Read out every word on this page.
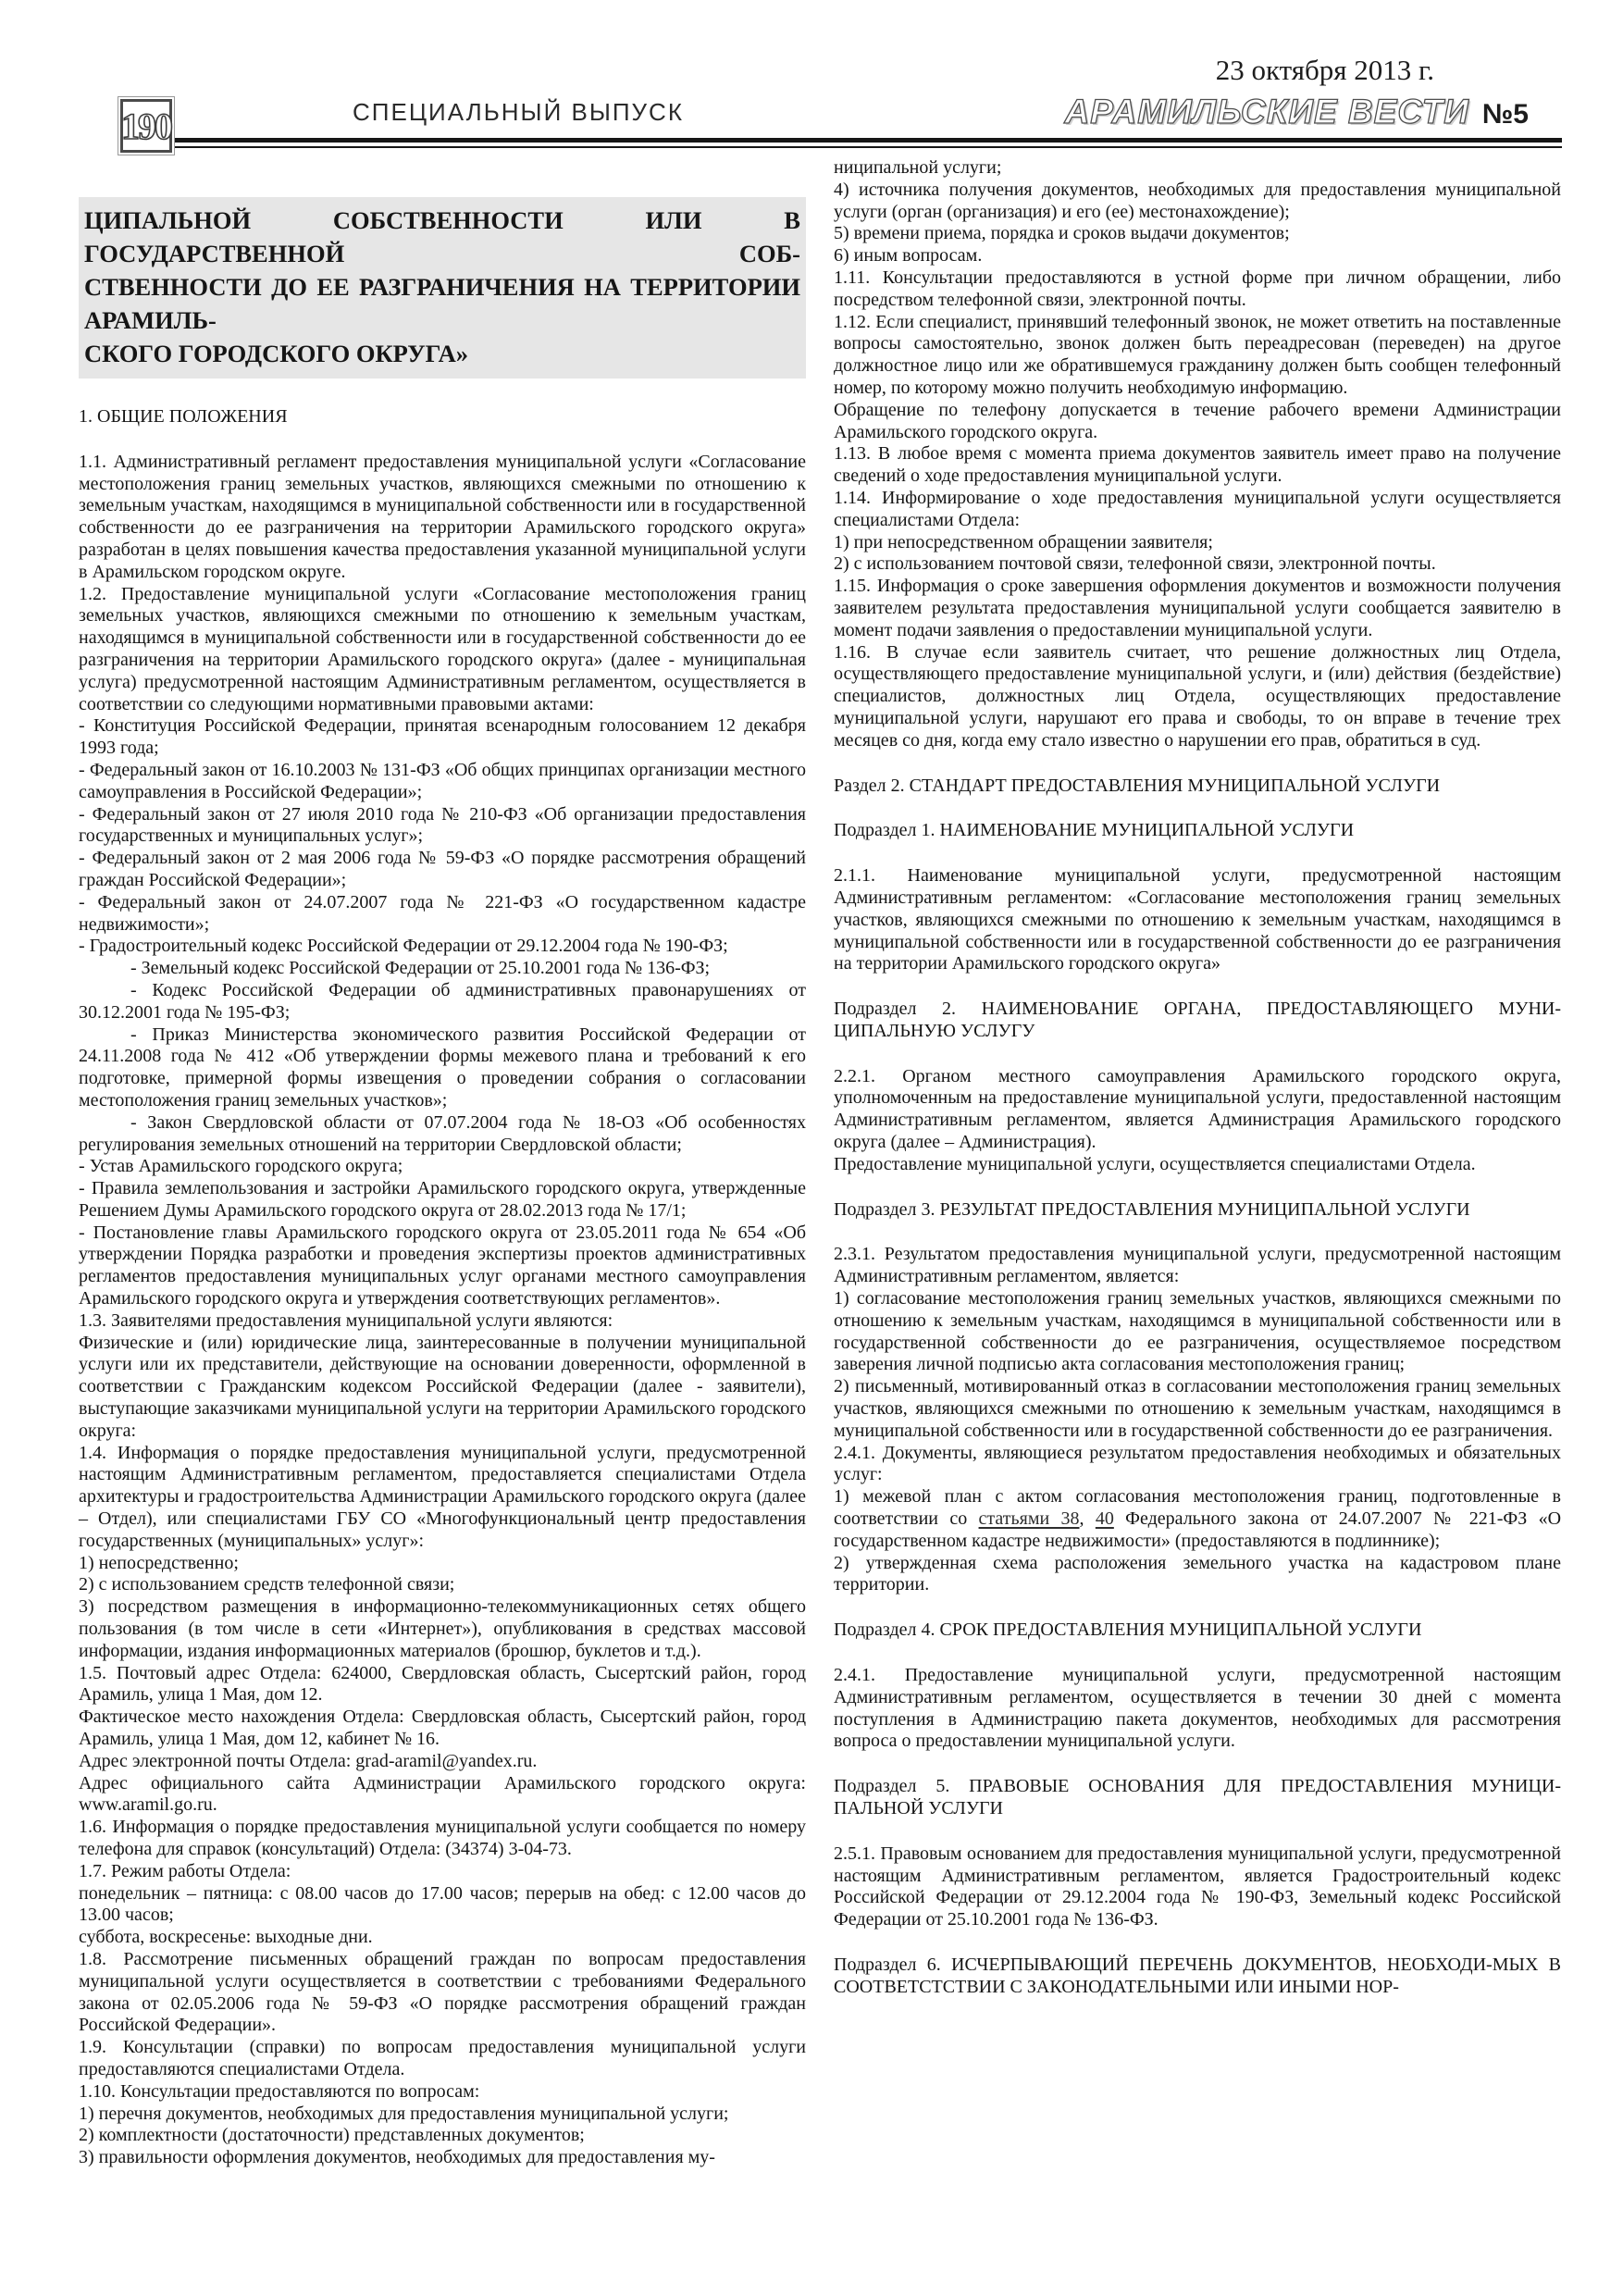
190	СПЕЦИАЛЬНЫЙ ВЫПУСК
23 октября 2013 г.
АРАМИЛЬСКИЕ ВЕСТИ №5
ЦИПАЛЬНОЙ СОБСТВЕННОСТИ ИЛИ В ГОСУДАРСТВЕННОЙ СОБ-
СТВЕННОСТИ ДО ЕЕ РАЗГРАНИЧЕНИЯ НА ТЕРРИТОРИИ АРАМИЛЬ-
СКОГО ГОРОДСКОГО ОКРУГА»

1. ОБЩИЕ ПОЛОЖЕНИЯ

1.1. Административный регламент предоставления муниципальной услуги «Согласование местоположения границ земельных участков, являющихся смежными по отношению к земельным участкам, находящимся в муниципальной собственности или в государственной собственности до ее разграничения на территории Арамильского городского округа» разработан в целях повышения качества предоставления указанной муниципальной услуги в Арамильском городском округе.

1.2. Предоставление муниципальной услуги «Согласование местоположения границ земельных участков, являющихся смежными по отношению к земельным участкам, находящимся в муниципальной собственности или в государственной собственности до ее разграничения на территории Арамильского городского округа» (далее - муниципальная услуга) предусмотренной настоящим Административным регламентом, осуществляется в соответствии со следующими нормативными правовыми актами:

- Конституция Российской Федерации, принятая всенародным голосованием 12 декабря 1993 года;

- Федеральный закон от 16.10.2003 № 131-ФЗ «Об общих принципах организации местного самоуправления в Российской Федерации»;

- Федеральный закон от 27 июля 2010 года № 210-ФЗ «Об организации предоставления государственных и муниципальных услуг»;

- Федеральный закон от 2 мая 2006 года № 59-ФЗ «О порядке рассмотрения обращений граждан Российской Федерации»;

- Федеральный закон от 24.07.2007 года № 221-ФЗ «О государственном кадастре недвижимости»;

- Градостроительный кодекс Российской Федерации от 29.12.2004 года № 190-ФЗ;

- Земельный кодекс Российской Федерации от 25.10.2001 года № 136-ФЗ;

- Кодекс Российской Федерации об административных правонарушениях от 30.12.2001 года № 195-ФЗ;

- Приказ Министерства экономического развития Российской Федерации от 24.11.2008 года № 412 «Об утверждении формы межевого плана и требований к его подготовке, примерной формы извещения о проведении собрания о согласовании местоположения границ земельных участков»;

- Закон Свердловской области от 07.07.2004 года № 18-ОЗ «Об особенностях регулирования земельных отношений на территории Свердловской области;

- Устав Арамильского городского округа;

- Правила землепользования и застройки Арамильского городского округа, утвержденные Решением Думы Арамильского городского округа от 28.02.2013 года № 17/1;

- Постановление главы Арамильского городского округа от 23.05.2011 года № 654 «Об утверждении Порядка разработки и проведения экспертизы проектов административных регламентов предоставления муниципальных услуг органами местного самоуправления Арамильского городского округа и утверждения соответствующих регламентов».

1.3. Заявителями предоставления муниципальной услуги являются:

Физические и (или) юридические лица, заинтересованные в получении муниципальной услуги или их представители, действующие на основании доверенности, оформленной в соответствии с Гражданским кодексом Российской Федерации (далее - заявители), выступающие заказчиками муниципальной услуги на территории Арамильского городского округа:

1.4. Информация о порядке предоставления муниципальной услуги, предусмотренной настоящим Административным регламентом, предоставляется специалистами Отдела архитектуры и градостроительства Администрации Арамильского городского округа (далее – Отдел), или специалистами ГБУ СО «Многофункциональный центр предоставления государственных (муниципальных» услуг»:

1) непосредственно;

2) с использованием средств телефонной связи;

3) посредством размещения в информационно-телекоммуникационных сетях общего пользования (в том числе в сети «Интернет»), опубликования в средствах массовой информации, издания информационных материалов (брошюр, буклетов и т.д.).

1.5. Почтовый адрес Отдела: 624000, Свердловская область, Сысертский район, город Арамиль, улица 1 Мая, дом 12.

Фактическое место нахождения Отдела: Свердловская область, Сысертский район, город Арамиль, улица 1 Мая, дом 12, кабинет № 16.

Адрес электронной почты Отдела: grad-aramil@yandex.ru.

Адрес официального сайта Администрации Арамильского городского округа: www.aramil.go.ru.

1.6. Информация о порядке предоставления муниципальной услуги сообщается по номеру телефона для справок (консультаций) Отдела: (34374) 3-04-73.

1.7. Режим работы Отдела:

понедельник – пятница: с 08.00 часов до 17.00 часов; перерыв на обед: с 12.00 часов до 13.00 часов;

суббота, воскресенье: выходные дни.

1.8. Рассмотрение письменных обращений граждан по вопросам предоставления муниципальной услуги осуществляется в соответствии с требованиями Федерального закона от 02.05.2006 года № 59-ФЗ «О порядке рассмотрения обращений граждан Российской Федерации».

1.9. Консультации (справки) по вопросам предоставления муниципальной услуги предоставляются специалистами Отдела.

1.10. Консультации предоставляются по вопросам:

1) перечня документов, необходимых для предоставления муниципальной услуги;

2) комплектности (достаточности) представленных документов;

3) правильности оформления документов, необходимых для предоставления му-

ниципальной услуги;

4) источника получения документов, необходимых для предоставления муниципальной услуги (орган (организация) и его (ее) местонахождение);

5) времени приема, порядка и сроков выдачи документов;

6) иным вопросам.

1.11. Консультации предоставляются в устной форме при личном обращении, либо посредством телефонной связи, электронной почты.

1.12. Если специалист, принявший телефонный звонок, не может ответить на поставленные вопросы самостоятельно, звонок должен быть переадресован (переведен) на другое должностное лицо или же обратившемуся гражданину должен быть сообщен телефонный номер, по которому можно получить необходимую информацию.

Обращение по телефону допускается в течение рабочего времени Администрации Арамильского городского округа.

1.13. В любое время с момента приема документов заявитель имеет право на получение сведений о ходе предоставления муниципальной услуги.

1.14. Информирование о ходе предоставления муниципальной услуги осуществляется специалистами Отдела:

1) при непосредственном обращении заявителя;

2) с использованием почтовой связи, телефонной связи, электронной почты.

1.15. Информация о сроке завершения оформления документов и возможности получения заявителем результата предоставления муниципальной услуги сообщается заявителю в момент подачи заявления о предоставлении муниципальной услуги.

1.16. В случае если заявитель считает, что решение должностных лиц Отдела, осуществляющего предоставление муниципальной услуги, и (или) действия (бездействие) специалистов, должностных лиц Отдела, осуществляющих предоставление муниципальной услуги, нарушают его права и свободы, то он вправе в течение трех месяцев со дня, когда ему стало известно о нарушении его прав, обратиться в суд.

Раздел 2. СТАНДАРТ ПРЕДОСТАВЛЕНИЯ МУНИЦИПАЛЬНОЙ УСЛУГИ

Подраздел 1. НАИМЕНОВАНИЕ МУНИЦИПАЛЬНОЙ УСЛУГИ

2.1.1. Наименование муниципальной услуги, предусмотренной настоящим Административным регламентом: «Согласование местоположения границ земельных участков, являющихся смежными по отношению к земельным участкам, находящимся в муниципальной собственности или в государственной собственности до ее разграничения на территории Арамильского городского округа»

Подраздел 2. НАИМЕНОВАНИЕ ОРГАНА, ПРЕДОСТАВЛЯЮЩЕГО МУНИ-ЦИПАЛЬНУЮ УСЛУГУ

2.2.1. Органом местного самоуправления Арамильского городского округа, уполномоченным на предоставление муниципальной услуги, предоставленной настоящим Административным регламентом, является Администрация Арамильского городского округа (далее – Администрация).

Предоставление муниципальной услуги, осуществляется специалистами Отдела.

Подраздел 3. РЕЗУЛЬТАТ ПРЕДОСТАВЛЕНИЯ МУНИЦИПАЛЬНОЙ УСЛУГИ

2.3.1. Результатом предоставления муниципальной услуги, предусмотренной настоящим Административным регламентом, является:

1) согласование местоположения границ земельных участков, являющихся смежными по отношению к земельным участкам, находящимся в муниципальной собственности или в государственной собственности до ее разграничения, осуществляемое посредством заверения личной подписью акта согласования местоположения границ;

2) письменный, мотивированный отказ в согласовании местоположения границ земельных участков, являющихся смежными по отношению к земельным участкам, находящимся в муниципальной собственности или в государственной собственности до ее разграничения.

2.4.1. Документы, являющиеся результатом предоставления необходимых и обязательных услуг:

1) межевой план с актом согласования местоположения границ, подготовленные в соответствии со статьями 38, 40 Федерального закона от 24.07.2007 № 221-ФЗ «О государственном кадастре недвижимости» (предоставляются в подлиннике);

2) утвержденная схема расположения земельного участка на кадастровом плане территории.

Подраздел 4. СРОК ПРЕДОСТАВЛЕНИЯ МУНИЦИПАЛЬНОЙ УСЛУГИ

2.4.1. Предоставление муниципальной услуги, предусмотренной настоящим Административным регламентом, осуществляется в течении 30 дней с момента поступления в Администрацию пакета документов, необходимых для рассмотрения вопроса о предоставлении муниципальной услуги.

Подраздел 5. ПРАВОВЫЕ ОСНОВАНИЯ ДЛЯ ПРЕДОСТАВЛЕНИЯ МУНИЦИ-ПАЛЬНОЙ УСЛУГИ

2.5.1. Правовым основанием для предоставления муниципальной услуги, предусмотренной настоящим Административным регламентом, является Градостроительный кодекс Российской Федерации от 29.12.2004 года № 190-ФЗ, Земельный кодекс Российской Федерации от 25.10.2001 года № 136-ФЗ.

Подраздел 6. ИСЧЕРПЫВАЮЩИЙ ПЕРЕЧЕНЬ ДОКУМЕНТОВ, НЕОБХОДИ-МЫХ В СООТВЕТСТСТВИИ С ЗАКОНОДАТЕЛЬНЫМИ ИЛИ ИНЫМИ НОР-
